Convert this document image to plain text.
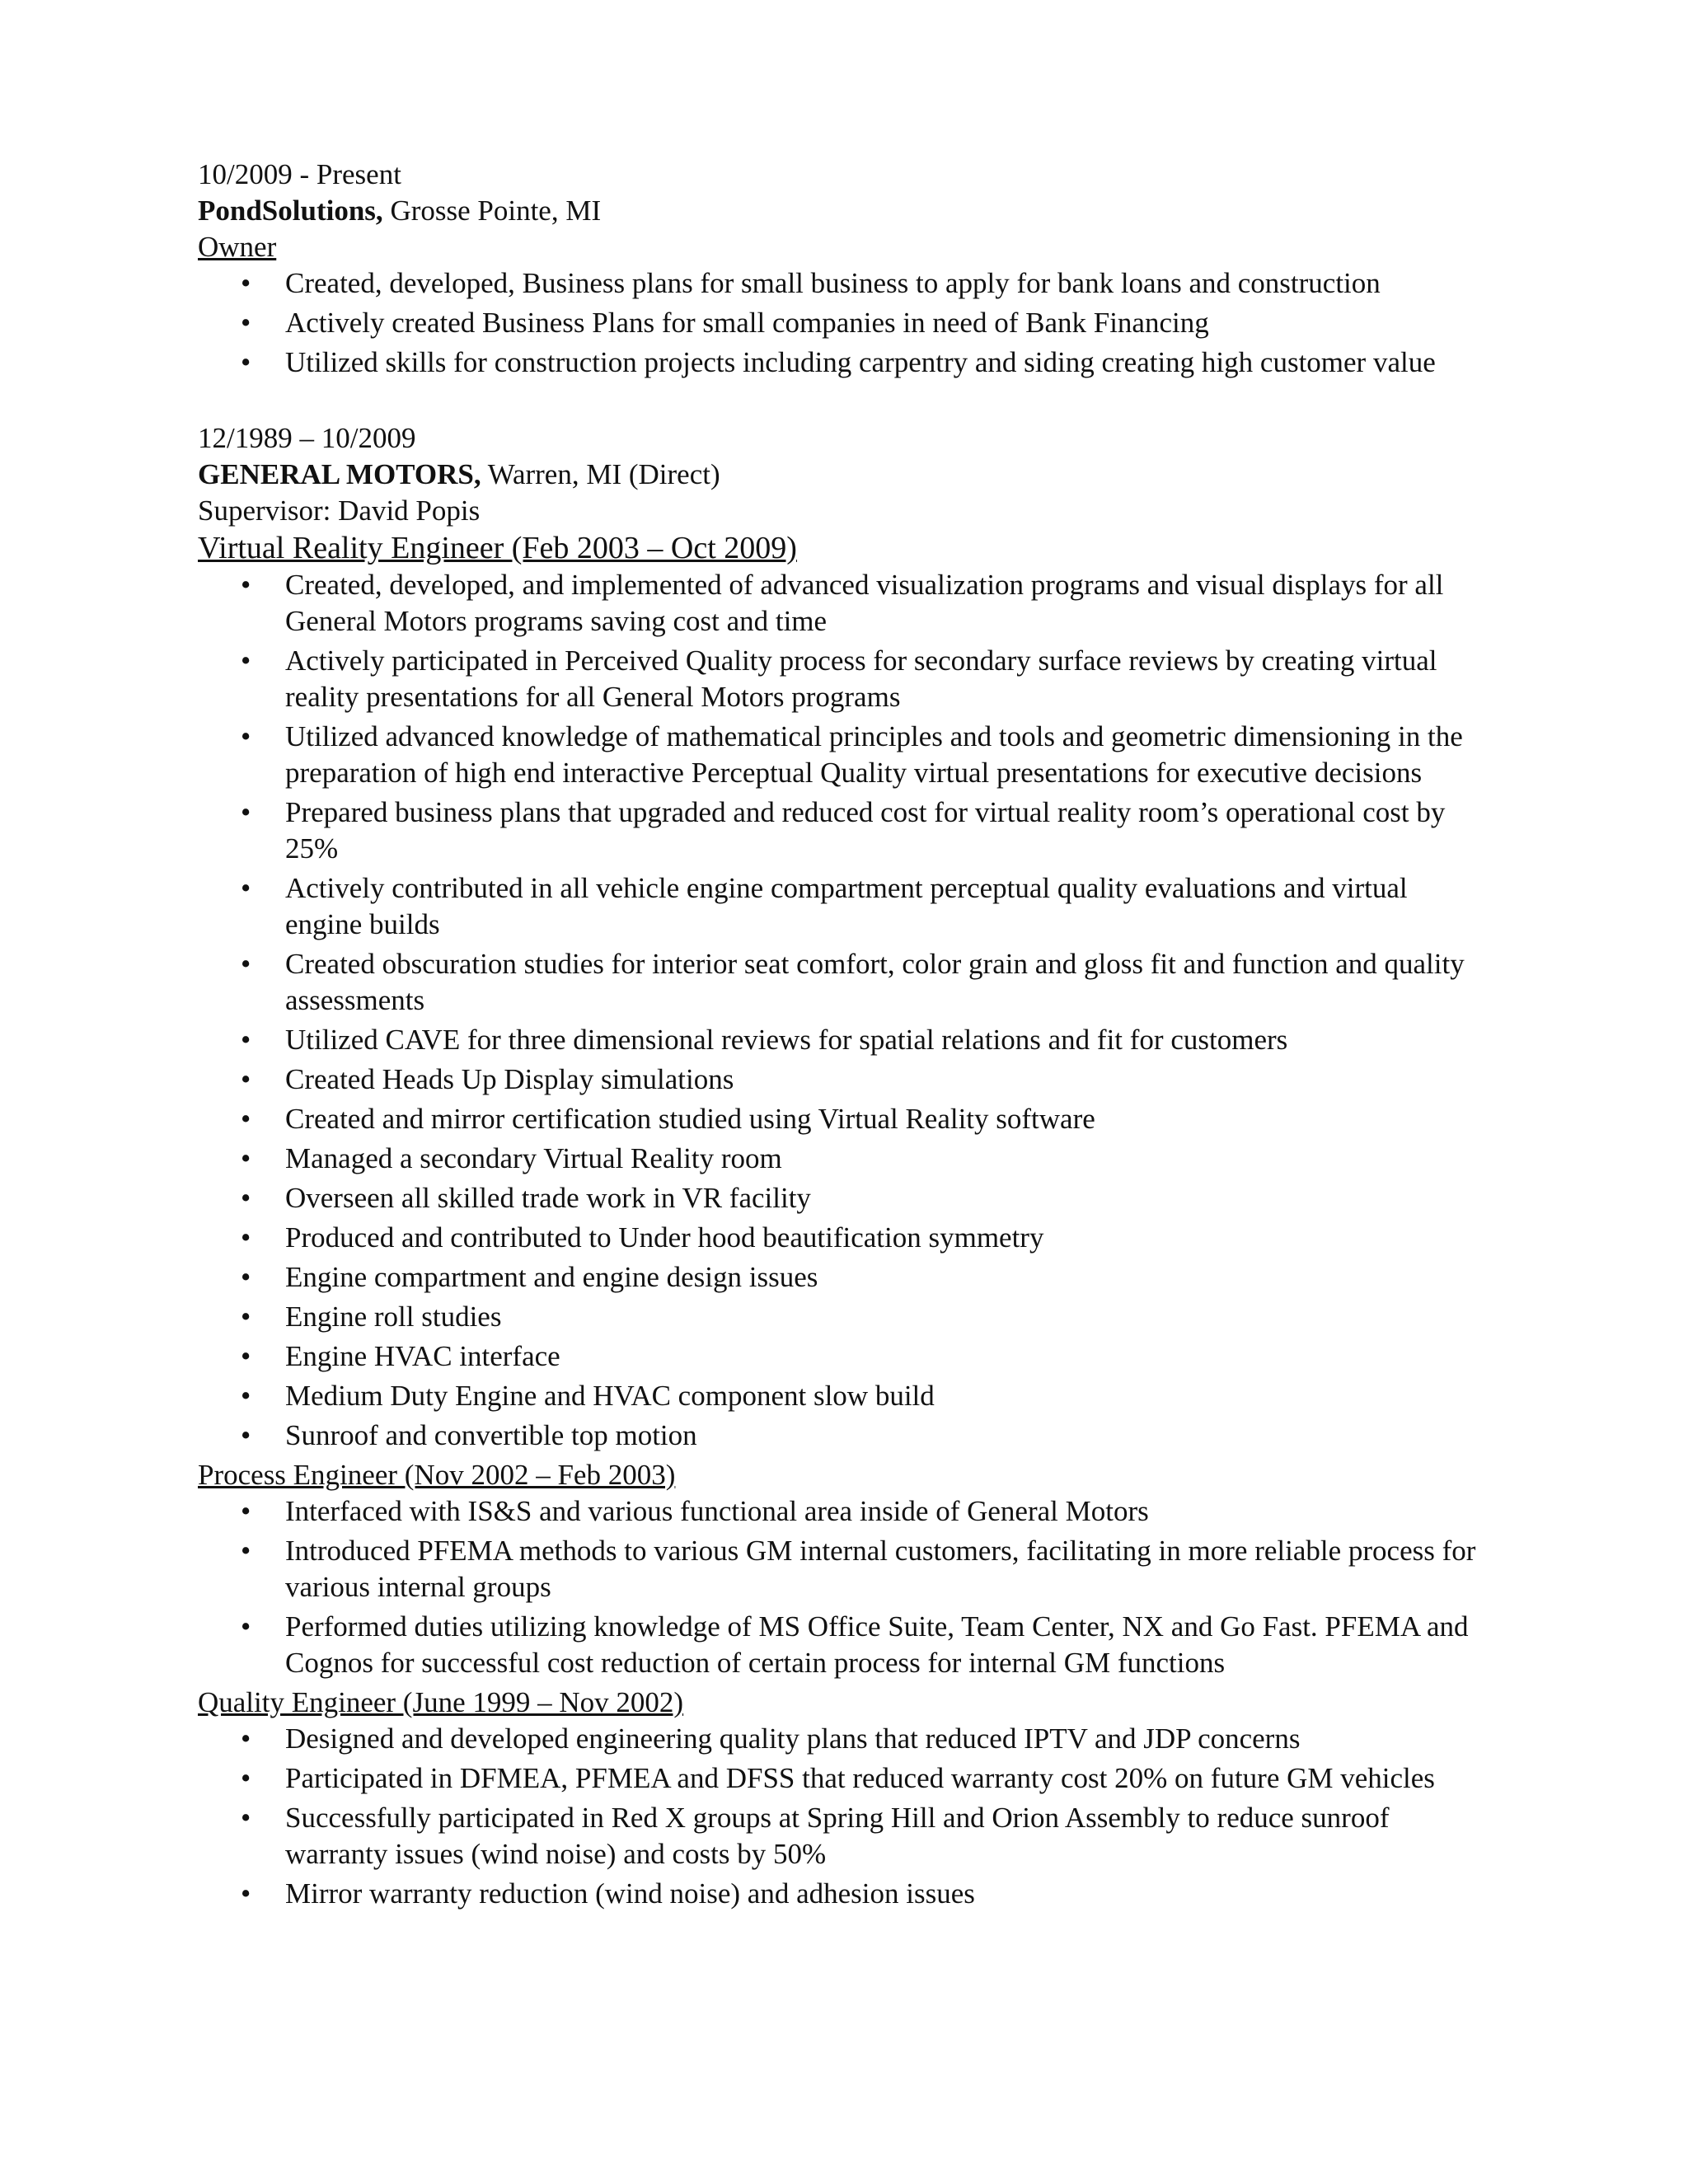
10/2009 - Present
PondSolutions, Grosse Pointe, MI
Owner
• Created, developed, Business plans for small business to apply for bank loans and construction
• Actively created Business Plans for small companies in need of Bank Financing
• Utilized skills for construction projects including carpentry and siding creating high customer value
12/1989 – 10/2009
GENERAL MOTORS, Warren, MI (Direct)
Supervisor: David Popis
Virtual Reality Engineer (Feb 2003 – Oct 2009)
• Created, developed, and implemented of advanced visualization programs and visual displays for all General Motors programs saving cost and time
• Actively participated in Perceived Quality process for secondary surface reviews by creating virtual reality presentations for all General Motors programs
• Utilized advanced knowledge of mathematical principles and tools and geometric dimensioning in the preparation of high end interactive Perceptual Quality virtual presentations for executive decisions
• Prepared business plans that upgraded and reduced cost for virtual reality room’s operational cost by 25%
• Actively contributed in all vehicle engine compartment perceptual quality evaluations and virtual engine builds
• Created obscuration studies for interior seat comfort, color grain and gloss fit and function and quality assessments
• Utilized CAVE for three dimensional reviews for spatial relations and fit for customers
• Created Heads Up Display simulations
• Created and mirror certification studied using Virtual Reality software
• Managed a secondary Virtual Reality room
• Overseen all skilled trade work in VR facility
• Produced and contributed to Under hood beautification symmetry
• Engine compartment and engine design issues
• Engine roll studies
• Engine HVAC interface
• Medium Duty Engine and HVAC component slow build
• Sunroof and convertible top motion
Process Engineer (Nov 2002 – Feb 2003)
• Interfaced with IS&S and various functional area inside of General Motors
• Introduced PFEMA methods to various GM internal customers, facilitating in more reliable process for various internal groups
• Performed duties utilizing knowledge of MS Office Suite, Team Center, NX and Go Fast. PFEMA and Cognos for successful cost reduction of certain process for internal GM functions
Quality Engineer (June 1999 – Nov 2002)
• Designed and developed engineering quality plans that reduced IPTV and JDP concerns
• Participated in DFMEA, PFMEA and DFSS that reduced warranty cost 20% on future GM vehicles
• Successfully participated in Red X groups at Spring Hill and Orion Assembly to reduce sunroof warranty issues (wind noise) and costs by 50%
• Mirror warranty reduction (wind noise) and adhesion issues
